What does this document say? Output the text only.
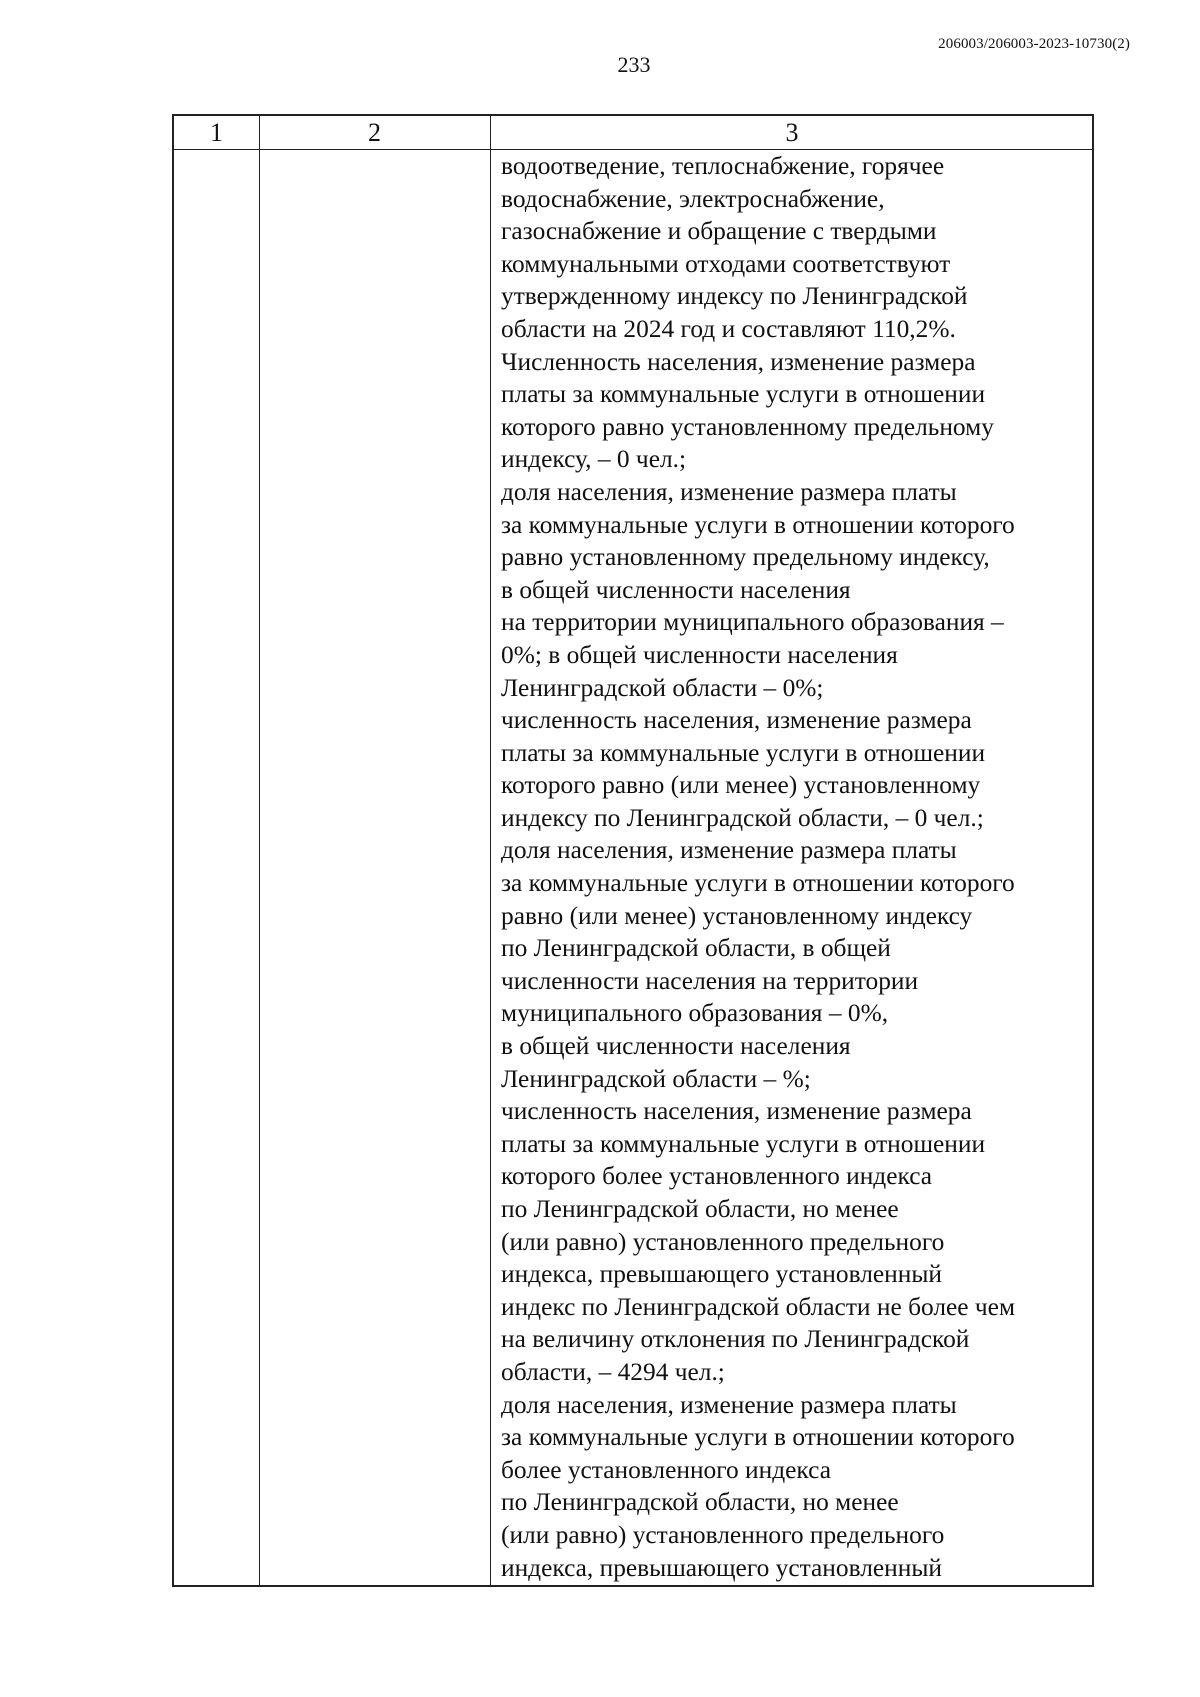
206003/206003-2023-10730(2)
233
1	2	3
водоотведение, теплоснабжение, горячее
водоснабжение, электроснабжение,
газоснабжение и обращение с твердыми
коммунальными отходами соответствуют
утвержденному индексу по Ленинградской
области на 2024 год и составляют 110,2%.
Численность населения, изменение размера
платы за коммунальные услуги в отношении
которого равно установленному предельному
индексу, – 0 чел.;
доля населения, изменение размера платы
за коммунальные услуги в отношении которого
равно установленному предельному индексу,
в общей численности населения
на территории муниципального образования –
0%; в общей численности населения
Ленинградской области – 0%;
численность населения, изменение размера
платы за коммунальные услуги в отношении
которого равно (или менее) установленному
индексу по Ленинградской области, – 0 чел.;
доля населения, изменение размера платы
за коммунальные услуги в отношении которого
равно (или менее) установленному индексу
по Ленинградской области, в общей
численности населения на территории
муниципального образования – 0%,
в общей численности населения
Ленинградской области – %;
численность населения, изменение размера
платы за коммунальные услуги в отношении
которого более установленного индекса
по Ленинградской области, но менее
(или равно) установленного предельного
индекса, превышающего установленный
индекс по Ленинградской области не более чем
на величину отклонения по Ленинградской
области, – 4294 чел.;
доля населения, изменение размера платы
за коммунальные услуги в отношении которого
более установленного индекса
по Ленинградской области, но менее
(или равно) установленного предельного
индекса, превышающего установленный
